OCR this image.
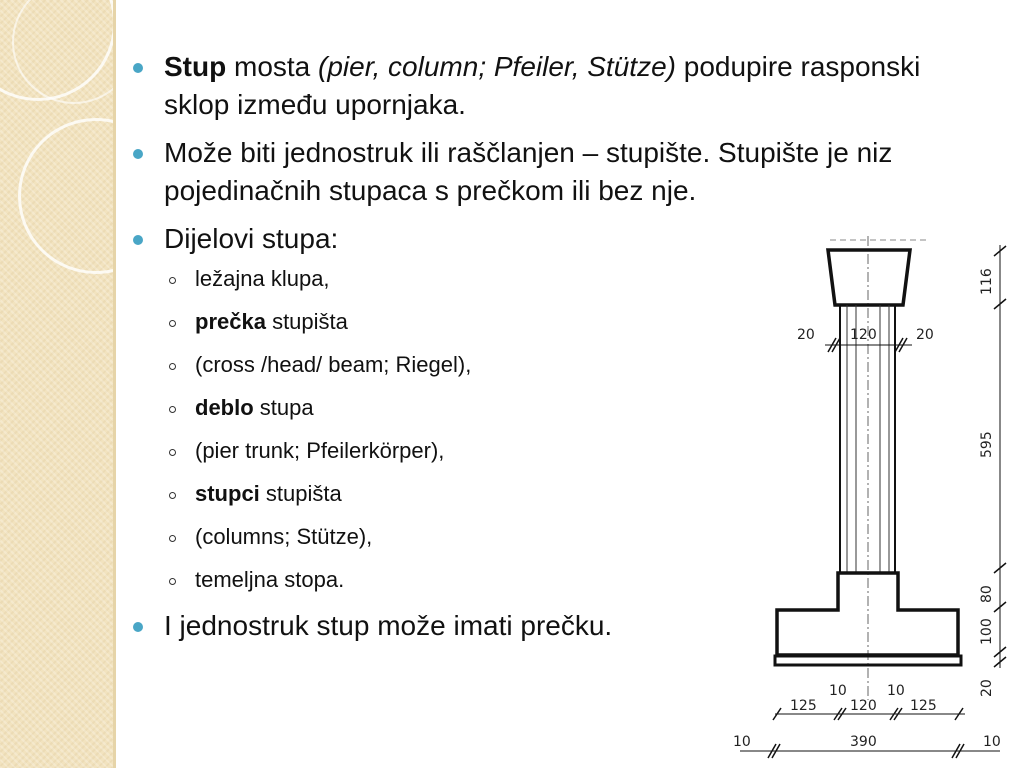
Stup mosta (pier, column; Pfeiler, Stütze) podupire rasponski sklop između upornjaka.
Može biti jednostruk ili raščlanjen – stupište. Stupište je niz pojedinačnih stupaca s prečkom ili bez nje.
Dijelovi stupa:
ležajna klupa,
prečka stupišta
(cross /head/ beam; Riegel),
deblo stupa
(pier trunk; Pfeilerkörper),
stupci stupišta
(columns; Stütze),
temeljna stopa.
I jednostruk stup može imati prečku.
20	120	20
116
595
80
100
20
10	10
125 120 125
10	390	10
